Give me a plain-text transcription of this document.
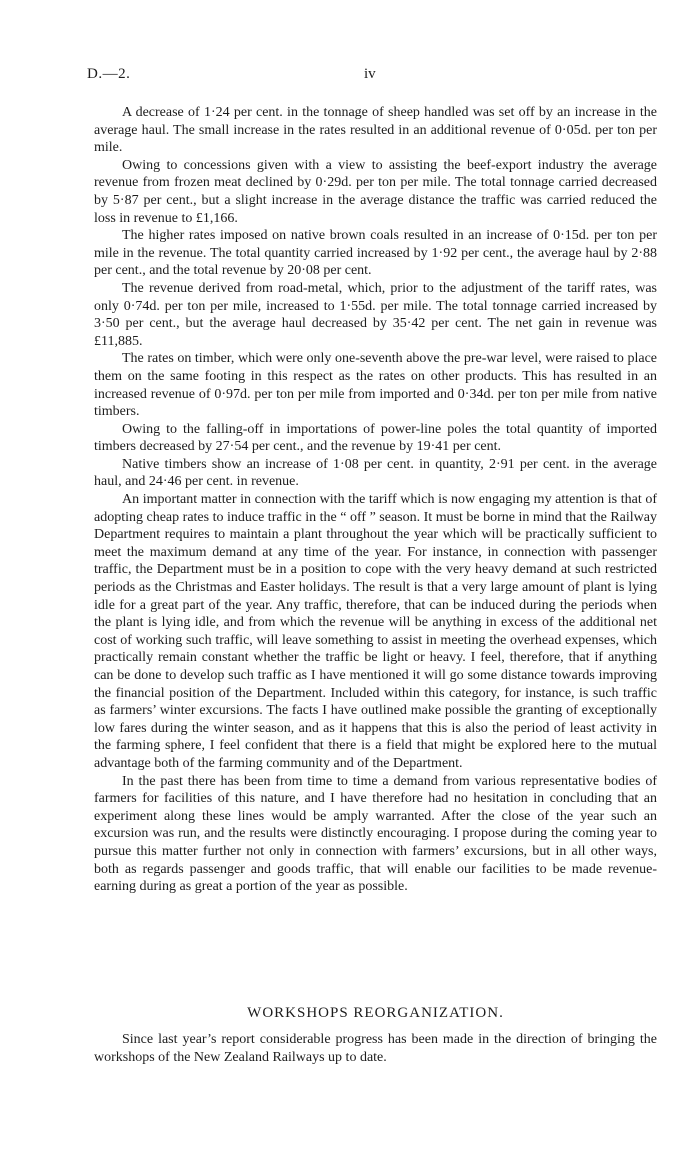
D.—2.	iv

A decrease of 1·24 per cent. in the tonnage of sheep handled was set off by an increase in the average haul. The small increase in the rates resulted in an additional revenue of 0·05d. per ton per mile.

Owing to concessions given with a view to assisting the beef-export industry the average revenue from frozen meat declined by 0·29d. per ton per mile. The total tonnage carried decreased by 5·87 per cent., but a slight increase in the average distance the traffic was carried reduced the loss in revenue to £1,166.

The higher rates imposed on native brown coals resulted in an increase of 0·15d. per ton per mile in the revenue. The total quantity carried increased by 1·92 per cent., the average haul by 2·88 per cent., and the total revenue by 20·08 per cent.

The revenue derived from road-metal, which, prior to the adjustment of the tariff rates, was only 0·74d. per ton per mile, increased to 1·55d. per mile. The total tonnage carried increased by 3·50 per cent., but the average haul decreased by 35·42 per cent. The net gain in revenue was £11,885.

The rates on timber, which were only one-seventh above the pre-war level, were raised to place them on the same footing in this respect as the rates on other products. This has resulted in an increased revenue of 0·97d. per ton per mile from imported and 0·34d. per ton per mile from native timbers.

Owing to the falling-off in importations of power-line poles the total quantity of imported timbers decreased by 27·54 per cent., and the revenue by 19·41 per cent.

Native timbers show an increase of 1·08 per cent. in quantity, 2·91 per cent. in the average haul, and 24·46 per cent. in revenue.

An important matter in connection with the tariff which is now engaging my attention is that of adopting cheap rates to induce traffic in the “ off ” season. It must be borne in mind that the Railway Department requires to maintain a plant throughout the year which will be practically sufficient to meet the maximum demand at any time of the year. For instance, in connection with passenger traffic, the Department must be in a position to cope with the very heavy demand at such restricted periods as the Christmas and Easter holidays. The result is that a very large amount of plant is lying idle for a great part of the year. Any traffic, therefore, that can be induced during the periods when the plant is lying idle, and from which the revenue will be anything in excess of the additional net cost of working such traffic, will leave something to assist in meeting the overhead expenses, which practically remain constant whether the traffic be light or heavy. I feel, therefore, that if anything can be done to develop such traffic as I have mentioned it will go some distance towards improving the financial position of the Department. Included within this category, for instance, is such traffic as farmers’ winter excursions. The facts I have outlined make possible the granting of exceptionally low fares during the winter season, and as it happens that this is also the period of least activity in the farming sphere, I feel confident that there is a field that might be explored here to the mutual advantage both of the farming community and of the Department.

In the past there has been from time to time a demand from various representative bodies of farmers for facilities of this nature, and I have therefore had no hesitation in concluding that an experiment along these lines would be amply warranted. After the close of the year such an excursion was run, and the results were distinctly encouraging. I propose during the coming year to pursue this matter further not only in connection with farmers’ excursions, but in all other ways, both as regards passenger and goods traffic, that will enable our facilities to be made revenue-earning during as great a portion of the year as possible.

WORKSHOPS REORGANIZATION.

Since last year’s report considerable progress has been made in the direction of bringing the workshops of the New Zealand Railways up to date.
